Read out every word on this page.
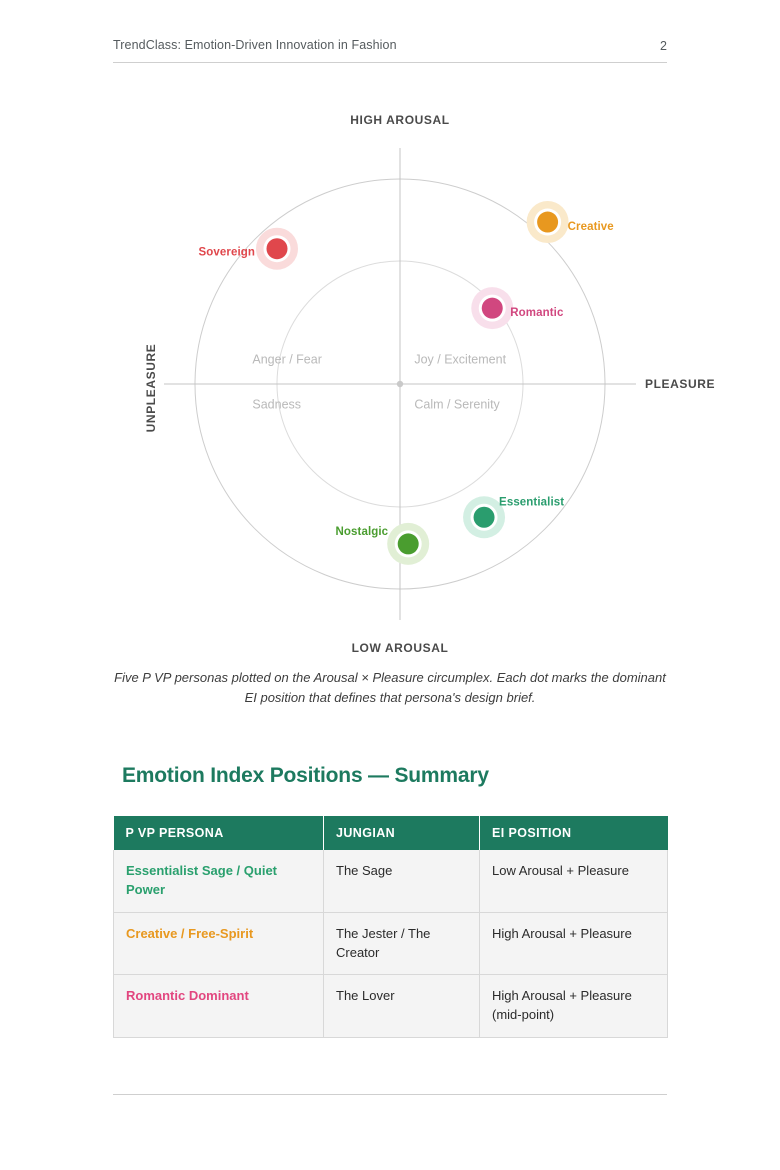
TrendClass: Emotion-Driven Innovation in Fashion	2
HIGH AROUSAL
LOW AROUSAL
PLEASURE
UNPLEASURE	Anger / Fear	Joy / Excitement
Sadness	Calm / Serenity
Sovereign
Creative
Romantic
Essentialist
Nostalgic
Five P VP personas plotted on the Arousal × Pleasure circumplex. Each dot marks the dominant EI position that defines that persona's design brief.
Emotion Index Positions — Summary
P VP PERSONA	JUNGIAN	EI POSITION
Essentialist Sage / Quiet Power	The Sage	Low Arousal + Pleasure
Creative / Free-Spirit	The Jester / The Creator	High Arousal + Pleasure
Romantic Dominant	The Lover	High Arousal + Pleasure (mid-point)
